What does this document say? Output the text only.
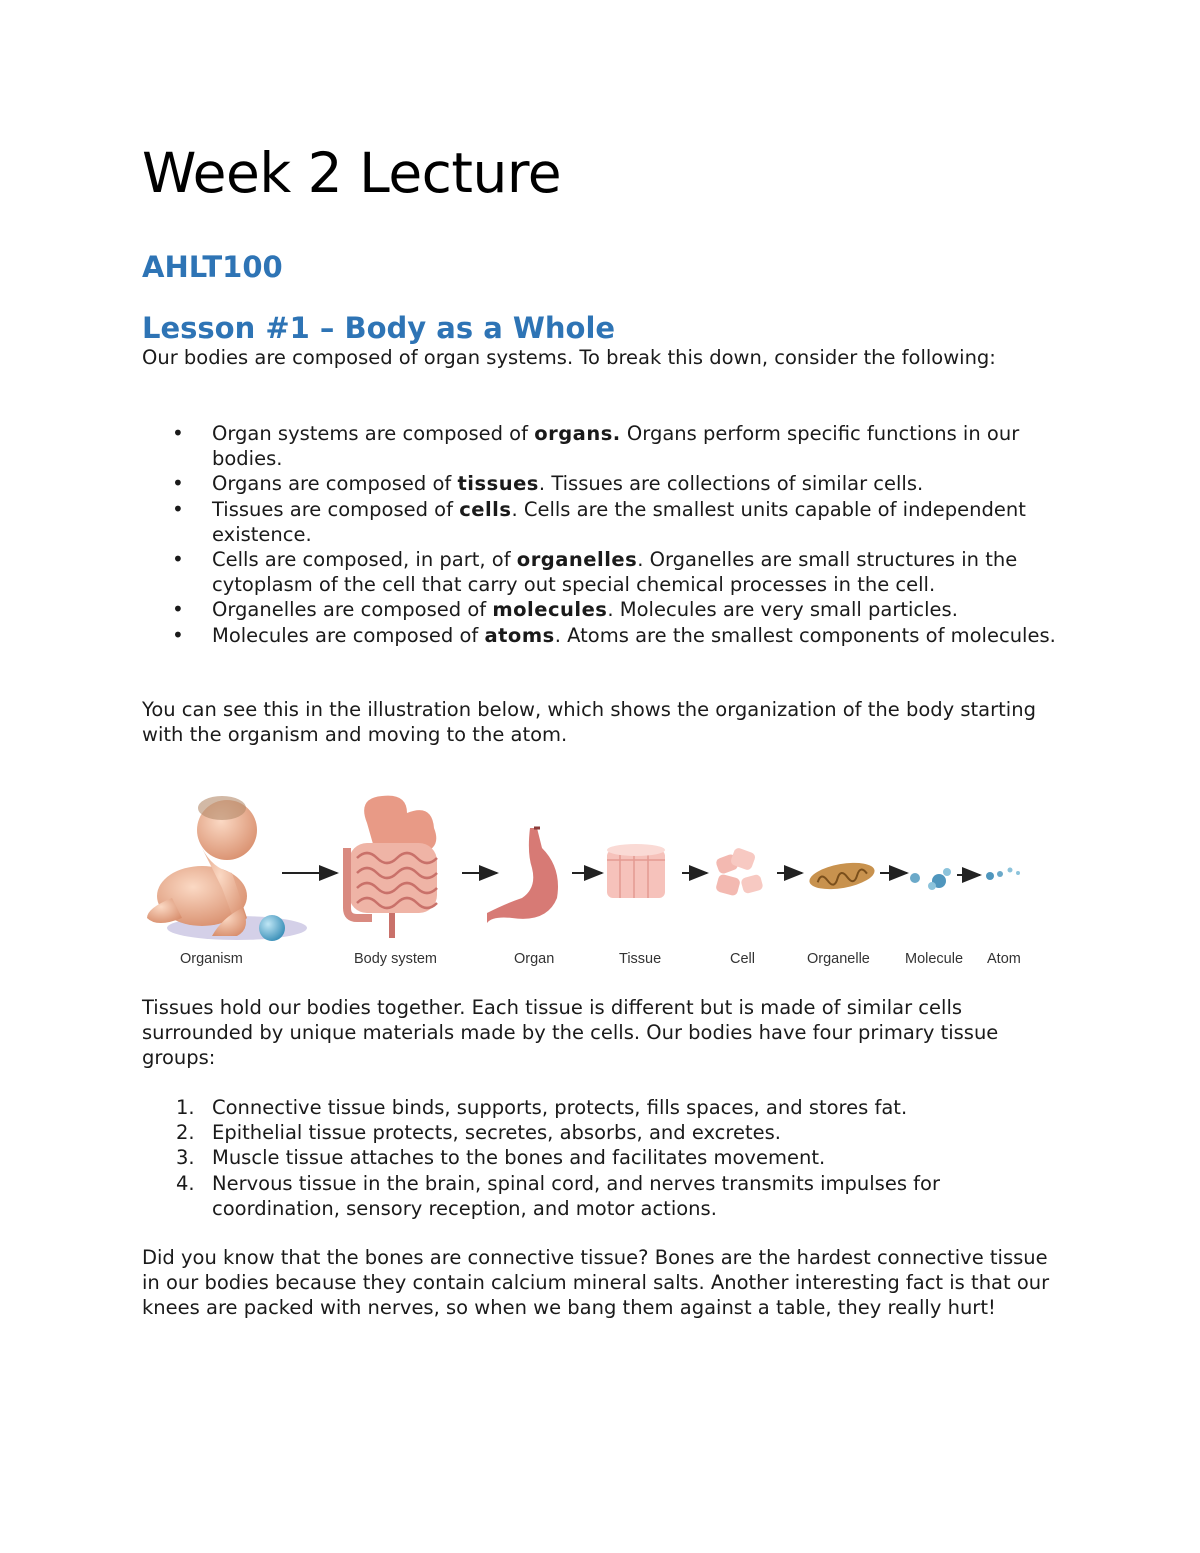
Week 2 Lecture
AHLT100
Lesson #1 – Body as a Whole

Our bodies are composed of organ systems. To break this down, consider the following:

• Organ systems are composed of organs. Organs perform specific functions in our bodies.
• Organs are composed of tissues. Tissues are collections of similar cells.
• Tissues are composed of cells. Cells are the smallest units capable of independent existence.
• Cells are composed, in part, of organelles. Organelles are small structures in the cytoplasm of the cell that carry out special chemical processes in the cell.
• Organelles are composed of molecules. Molecules are very small particles.
• Molecules are composed of atoms. Atoms are the smallest components of molecules.

You can see this in the illustration below, which shows the organization of the body starting with the organism and moving to the atom.

Organism	Body system	Organ	Tissue	Cell	Organelle Molecule Atom

Tissues hold our bodies together. Each tissue is different but is made of similar cells surrounded by unique materials made by the cells. Our bodies have four primary tissue groups:

1. Connective tissue binds, supports, protects, fills spaces, and stores fat.
2. Epithelial tissue protects, secretes, absorbs, and excretes.
3. Muscle tissue attaches to the bones and facilitates movement.
4. Nervous tissue in the brain, spinal cord, and nerves transmits impulses for coordination, sensory reception, and motor actions.

Did you know that the bones are connective tissue? Bones are the hardest connective tissue in our bodies because they contain calcium mineral salts. Another interesting fact is that our knees are packed with nerves, so when we bang them against a table, they really hurt!
